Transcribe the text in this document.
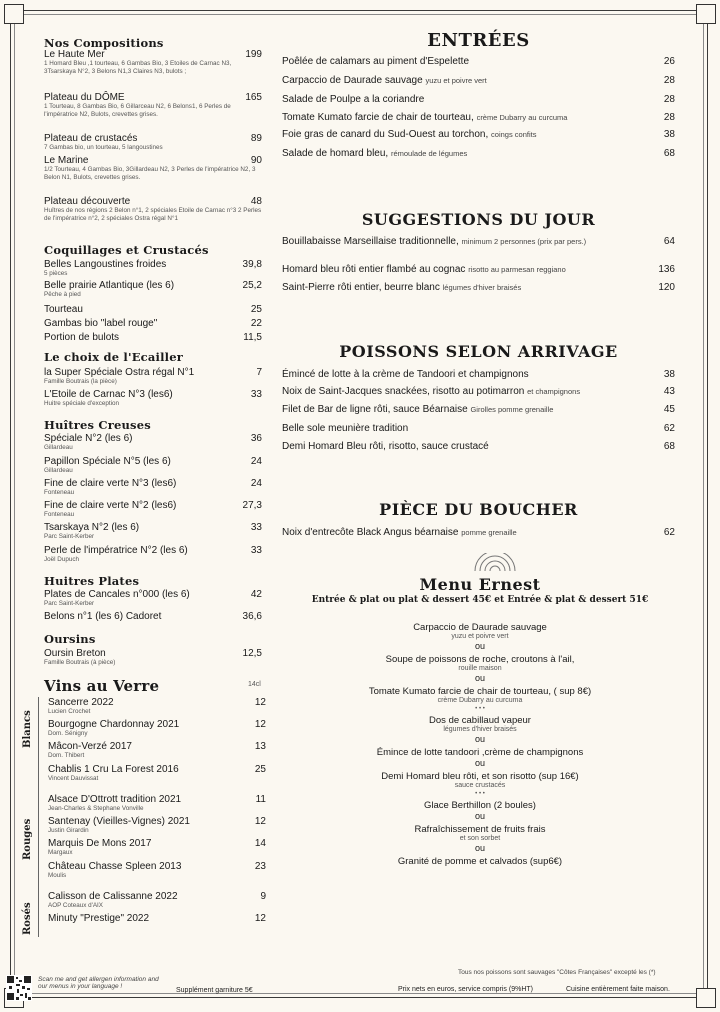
Nos Compositions
Le Haute Mer	199
1 Homard Bleu ,1 tourteau, 6 Gambas Bio, 3 Etoiles de Carnac N3, 3Tsarskaya N°2, 3 Belons N1,3 Claires N3, bulots ;
Plateau du DÔME	165
1 Tourteau, 8 Gambas Bio, 6 Gillarceau N2, 6 Belons1, 6 Perles de l'impératrice N2, Bulots, crevettes grises.
Plateau de crustacés	89
7 Gambas bio, un tourteau, 5 langoustines
Le Marine	90
1/2 Tourteau, 4 Gambas Bio, 3Gillardeau N2, 3 Perles de l'impératrice N2, 3 Belon N1, Bulots, crevettes grises.
Plateau découverte	48
Huîtres de nos régions 2 Belon n°1, 2 spéciales Etoile de Carnac n°3 2 Perles de l'impératrice n°2, 2 spéciales Ostra régal N°1
Coquillages et Crustacés
Belles Langoustines froides	39,8
5 pièces
Belle prairie Atlantique (les 6)	25,2
Pêche à pied
Tourteau	25
Gambas bio "label rouge"	22
Portion de bulots	11,5
Le choix de l'Ecailler
la Super Spéciale Ostra régal N°1	7
Famille Boutrais (la pièce)
L'Etoile de Carnac N°3 (les6)	33
Huitre spéciale d'exception
Huîtres Creuses
Spéciale N°2 (les 6)	36
Gillardeau
Papillon Spéciale N°5 (les 6)	24
Gillardeau
Fine de claire verte N°3 (les6)	24
Fonteneau
Fine de claire verte N°2 (les6)	27,3
Fonteneau
Tsarskaya N°2 (les 6)	33
Parc Saint-Kerber
Perle de l'impératrice N°2 (les 6)	33
Joël Dupuch
Huitres Plates
Plates de Cancales n°000 (les 6)	42
Parc Saint-Kerber
Belons n°1 (les 6) Cadoret	36,6
Oursins
Oursin Breton	12,5
Famille Boutrais (à pièce)
Vins au Verre	14cl
Sancerre 2022	12
Lucien Crochet
Bourgogne Chardonnay 2021	12
Dom. Sénigny
Mâcon-Verzé 2017	13
Dom. Thibert
Chablis 1 Cru La Forest 2016	25
Vincent Dauvissat
Alsace D'Ottrott tradition 2021	11
Jean-Charles & Stephane Vonville
Santenay (Vieilles-Vignes) 2021	12
Justin Girardin
Marquis De Mons 2017	14
Margaux
Château Chasse Spleen 2013	23
Moulis
Calisson de Calissanne 2022	9
AOP Coteaux d'AIX
Minuty "Prestige" 2022	12
Blancs
Rouges
Rosés
ENTRÉES
Poêlée de calamars au piment d'Espelette	26
Carpaccio de Daurade sauvage yuzu et poivre vert	28
Salade de Poulpe a la coriandre	28
Tomate Kumato farcie de chair de tourteau, crème Dubarry au curcuma	28
Foie gras de canard du Sud-Ouest au torchon, coings confits	38
Salade de homard bleu, rémoulade de légumes	68
SUGGESTIONS DU JOUR
Bouillabaisse Marseillaise traditionnelle, minimum 2 personnes (prix par pers.)	64
Homard bleu rôti entier flambé au cognac risotto au parmesan reggiano	136
Saint-Pierre rôti entier, beurre blanc légumes d'hiver braisés	120
POISSONS SELON ARRIVAGE
Émincé de lotte à la crème de Tandoori et champignons	38
Noix de Saint-Jacques snackées, risotto au potimarron et champignons	43
Filet de Bar de ligne rôti, sauce Béarnaise Girolles pomme grenaille	45
Belle sole meunière tradition	62
Demi Homard Bleu rôti, risotto, sauce crustacé	68
PIÈCE DU BOUCHER
Noix d'entrecôte Black Angus béarnaise pomme grenaille	62
Menu Ernest
Entrée & plat ou plat & dessert 45€ et Entrée & plat & dessert 51€
Carpaccio de Daurade sauvage
yuzu et poivre vert
ou
Soupe de poissons de roche, croutons à l'ail,
rouille maison
ou
Tomate Kumato farcie de chair de tourteau, ( sup 8€)
crème Dubarry au curcuma
• • •
Dos de cabillaud vapeur
légumes d'hiver braisés
ou
Émince de lotte tandoori ,crème de champignons
ou
Demi Homard bleu rôti, et son risotto (sup 16€)
sauce crustacés
• • •
Glace Berthillon (2 boules)
ou
Rafraîchissement de fruits frais
et son sorbet
ou
Granité de pomme et calvados (sup6€)
Scan me and get allergen information and our menus in your language !
Supplément garniture 5€
Tous nos poissons sont sauvages "Côtes Françaises" excepté les (*)
Prix nets en euros, service compris (9%HT)	Cuisine entièrement faite maison.
